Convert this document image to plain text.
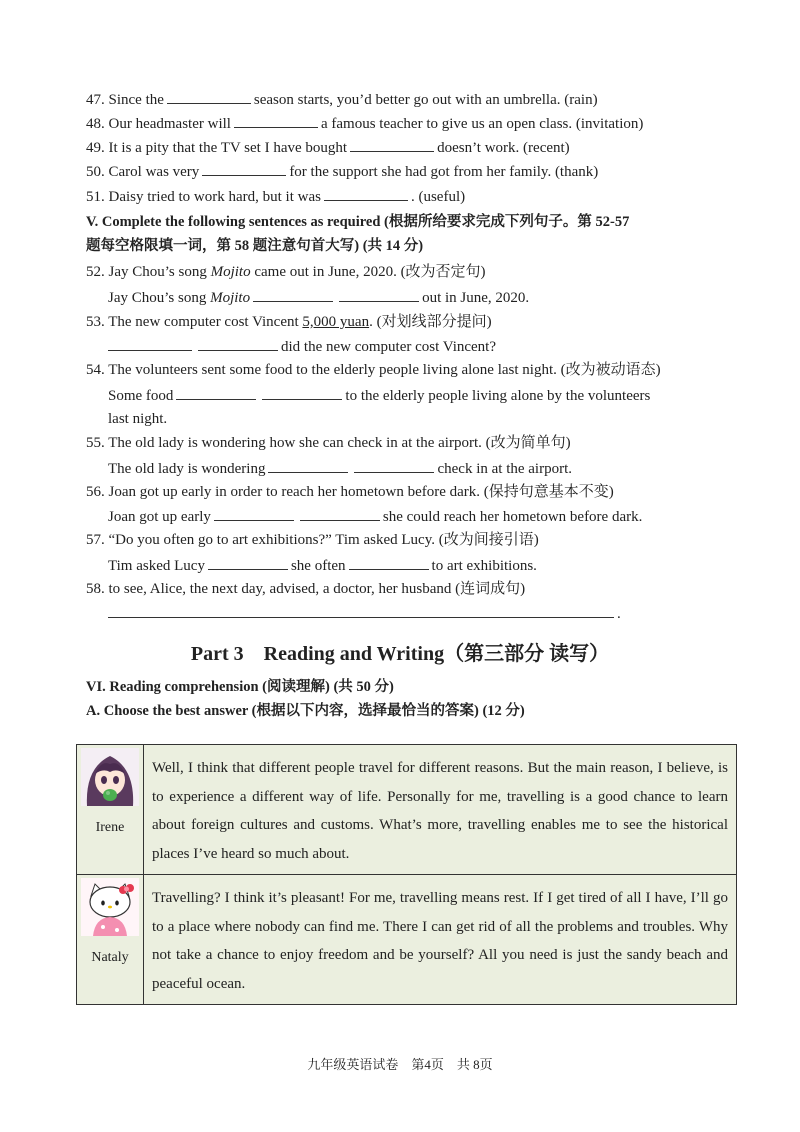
47. Since the	season starts, you’d better go out with an umbrella. (rain)
48. Our headmaster will	a famous teacher to give us an open class. (invitation)
49. It is a pity that the TV set I have bought	doesn’t work. (recent)
50. Carol was very	for the support she had got from her family. (thank)
51. Daisy tried to work hard, but it was	. (useful)
V. Complete the following sentences as required (根据所给要求完成下列句子。第 52-57
题每空格限填一词，第 58 题注意句首大写) (共 14 分)
52. Jay Chou’s song Mojito came out in June, 2020. (改为否定句)
Jay Chou’s song Mojito	out in June, 2020.
53. The new computer cost Vincent 5,000 yuan. (对划线部分提问)
did the new computer cost Vincent?
54. The volunteers sent some food to the elderly people living alone last night. (改为被动语态)
Some food	to the elderly people living alone by the volunteers
last night.
55. The old lady is wondering how she can check in at the airport. (改为简单句)
The old lady is wondering	check in at the airport.
56. Joan got up early in order to reach her hometown before dark. (保持句意基本不变)
Joan got up early	she could reach her hometown before dark.
57. “Do you often go to art exhibitions?” Tim asked Lucy. (改为间接引语)
Tim asked Lucy	she often	to art exhibitions.
58. to see, Alice, the next day, advised, a doctor, her husband (连词成句)
.
Part 3　Reading and Writing（第三部分 读写）
VI. Reading comprehension (阅读理解) (共 50 分)
A. Choose the best answer (根据以下内容，选择最恰当的答案) (12 分)
Irene	Well, I think that different people travel for different reasons. But the main reason, I believe, is to experience a different way of life. Personally for me, travelling is a good chance to learn about foreign cultures and customs. What’s more, travelling enables me to see the historical places I’ve heard so much about.

Nataly	Travelling? I think it’s pleasant! For me, travelling means rest. If I get tired of all I have, I’ll go to a place where nobody can find me. There I can get rid of all the problems and troubles. Why not take a chance to enjoy freedom and be yourself? All you need is just the sandy beach and peaceful ocean.
九年级英语试卷　第4页　共 8页
